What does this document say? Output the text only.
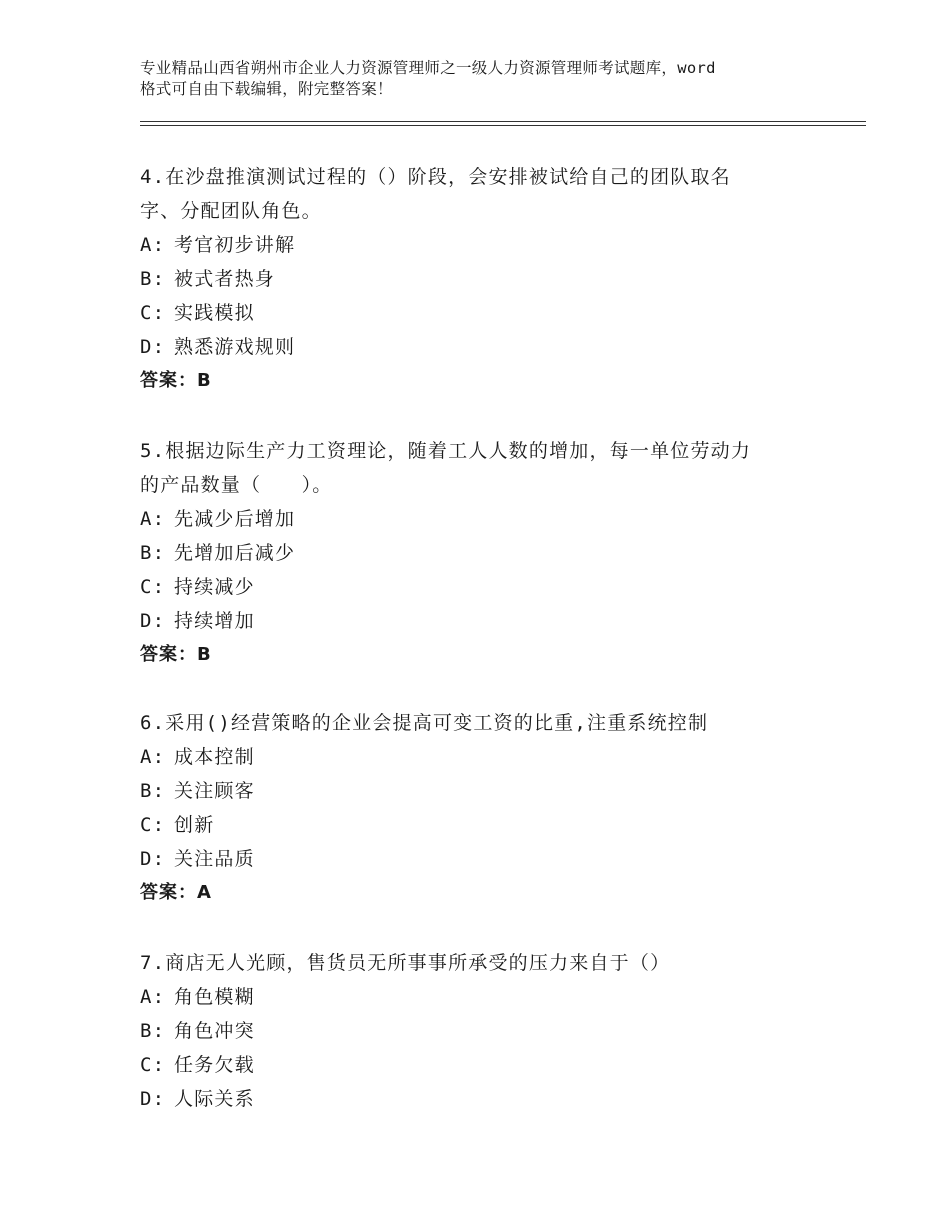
专业精品山西省朔州市企业人力资源管理师之一级人力资源管理师考试题库，word
格式可自由下载编辑，附完整答案！
4.在沙盘推演测试过程的（）阶段，会安排被试给自己的团队取名
字、分配团队角色。
A: 考官初步讲解
B: 被式者热身
C: 实践模拟
D: 熟悉游戏规则
答案：B
5.根据边际生产力工资理论，随着工人人数的增加，每一单位劳动力
的产品数量（　　）。
A: 先减少后增加
B: 先增加后减少
C: 持续减少
D: 持续增加
答案：B
6.采用()经营策略的企业会提高可变工资的比重,注重系统控制
A: 成本控制
B: 关注顾客
C: 创新
D: 关注品质
答案：A
7.商店无人光顾，售货员无所事事所承受的压力来自于（）
A: 角色模糊
B: 角色冲突
C: 任务欠载
D: 人际关系
